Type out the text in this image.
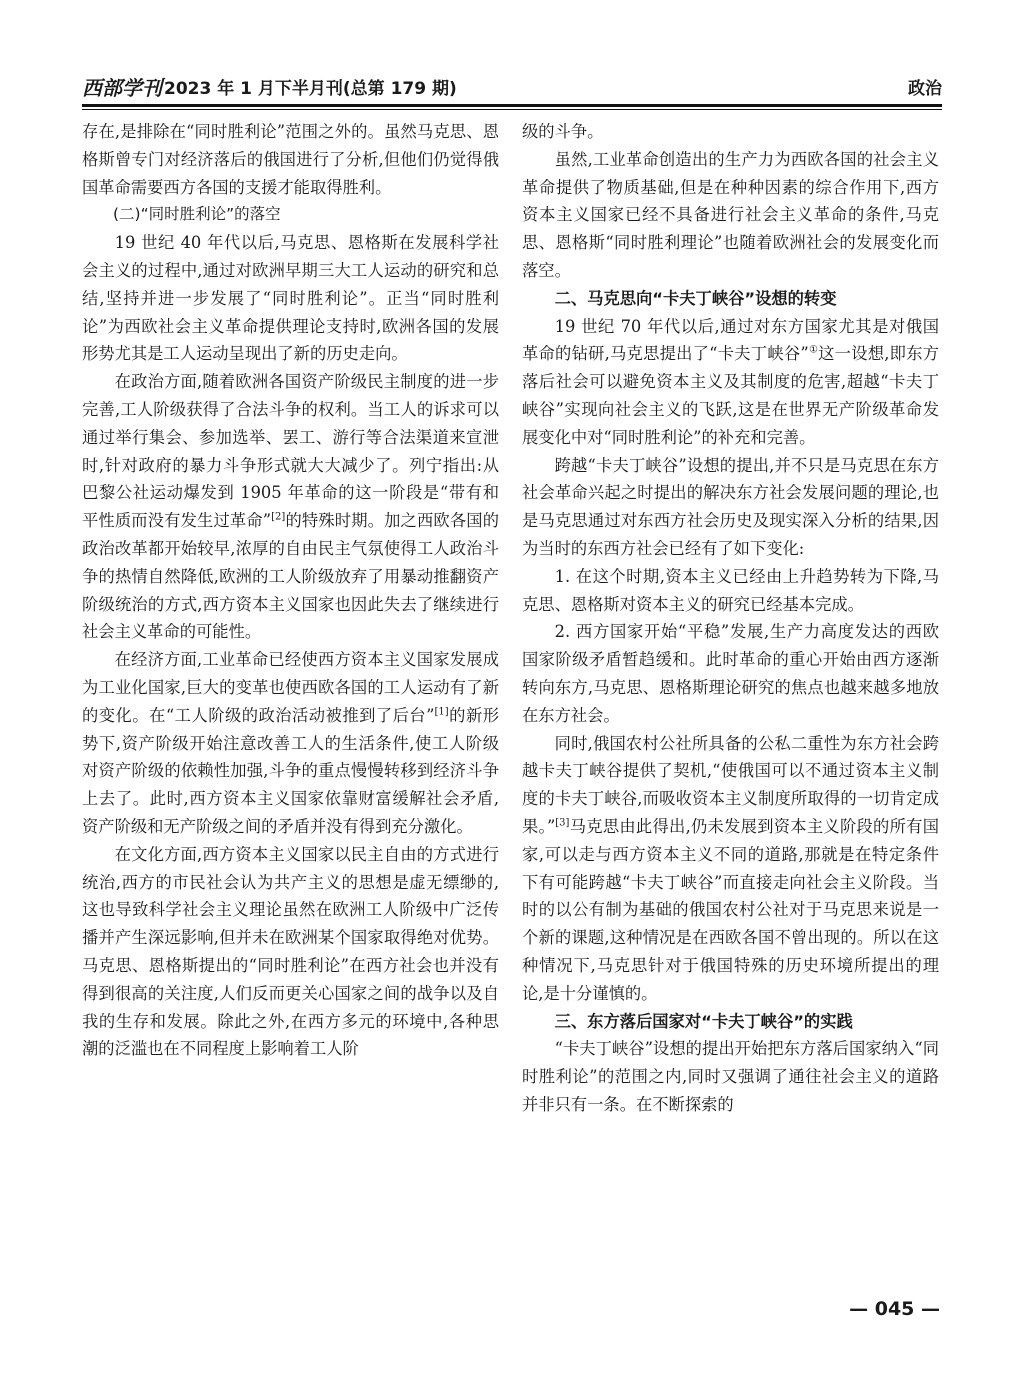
西部学刊 2023 年 1 月下半月刊(总第 179 期)	政治

存在,是排除在“同时胜利论”范围之外的。虽然马克思、恩格斯曾专门对经济落后的俄国进行了分析,但他们仍觉得俄国革命需要西方各国的支援才能取得胜利。

(二)“同时胜利论”的落空

19 世纪 40 年代以后,马克思、恩格斯在发展科学社会主义的过程中,通过对欧洲早期三大工人运动的研究和总结,坚持并进一步发展了“同时胜利论”。正当“同时胜利论”为西欧社会主义革命提供理论支持时,欧洲各国的发展形势尤其是工人运动呈现出了新的历史走向。

在政治方面,随着欧洲各国资产阶级民主制度的进一步完善,工人阶级获得了合法斗争的权利。当工人的诉求可以通过举行集会、参加选举、罢工、游行等合法渠道来宣泄时,针对政府的暴力斗争形式就大大减少了。列宁指出:从巴黎公社运动爆发到 1905 年革命的这一阶段是“带有和平性质而没有发生过革命”[2]的特殊时期。加之西欧各国的政治改革都开始较早,浓厚的自由民主气氛使得工人政治斗争的热情自然降低,欧洲的工人阶级放弃了用暴动推翻资产阶级统治的方式,西方资本主义国家也因此失去了继续进行社会主义革命的可能性。

在经济方面,工业革命已经使西方资本主义国家发展成为工业化国家,巨大的变革也使西欧各国的工人运动有了新的变化。在“工人阶级的政治活动被推到了后台”[1]的新形势下,资产阶级开始注意改善工人的生活条件,使工人阶级对资产阶级的依赖性加强,斗争的重点慢慢转移到经济斗争上去了。此时,西方资本主义国家依靠财富缓解社会矛盾,资产阶级和无产阶级之间的矛盾并没有得到充分激化。

在文化方面,西方资本主义国家以民主自由的方式进行统治,西方的市民社会认为共产主义的思想是虚无缥缈的,这也导致科学社会主义理论虽然在欧洲工人阶级中广泛传播并产生深远影响,但并未在欧洲某个国家取得绝对优势。马克思、恩格斯提出的“同时胜利论”在西方社会也并没有得到很高的关注度,人们反而更关心国家之间的战争以及自我的生存和发展。除此之外,在西方多元的环境中,各种思潮的泛滥也在不同程度上影响着工人阶

级的斗争。

虽然,工业革命创造出的生产力为西欧各国的社会主义革命提供了物质基础,但是在种种因素的综合作用下,西方资本主义国家已经不具备进行社会主义革命的条件,马克思、恩格斯“同时胜利理论”也随着欧洲社会的发展变化而落空。

二、马克思向“卡夫丁峡谷”设想的转变

19 世纪 70 年代以后,通过对东方国家尤其是对俄国革命的钻研,马克思提出了“卡夫丁峡谷”①这一设想,即东方落后社会可以避免资本主义及其制度的危害,超越“卡夫丁峡谷”实现向社会主义的飞跃,这是在世界无产阶级革命发展变化中对“同时胜利论”的补充和完善。

跨越“卡夫丁峡谷”设想的提出,并不只是马克思在东方社会革命兴起之时提出的解决东方社会发展问题的理论,也是马克思通过对东西方社会历史及现实深入分析的结果,因为当时的东西方社会已经有了如下变化:

1. 在这个时期,资本主义已经由上升趋势转为下降,马克思、恩格斯对资本主义的研究已经基本完成。

2. 西方国家开始“平稳”发展,生产力高度发达的西欧国家阶级矛盾暂趋缓和。此时革命的重心开始由西方逐渐转向东方,马克思、恩格斯理论研究的焦点也越来越多地放在东方社会。

同时,俄国农村公社所具备的公私二重性为东方社会跨越卡夫丁峡谷提供了契机,“使俄国可以不通过资本主义制度的卡夫丁峡谷,而吸收资本主义制度所取得的一切肯定成果。”[3]马克思由此得出,仍未发展到资本主义阶段的所有国家,可以走与西方资本主义不同的道路,那就是在特定条件下有可能跨越“卡夫丁峡谷”而直接走向社会主义阶段。当时的以公有制为基础的俄国农村公社对于马克思来说是一个新的课题,这种情况是在西欧各国不曾出现的。所以在这种情况下,马克思针对于俄国特殊的历史环境所提出的理论,是十分谨慎的。

三、东方落后国家对“卡夫丁峡谷”的实践

“卡夫丁峡谷”设想的提出开始把东方落后国家纳入“同时胜利论”的范围之内,同时又强调了通往社会主义的道路并非只有一条。在不断探索的

— 045 —
